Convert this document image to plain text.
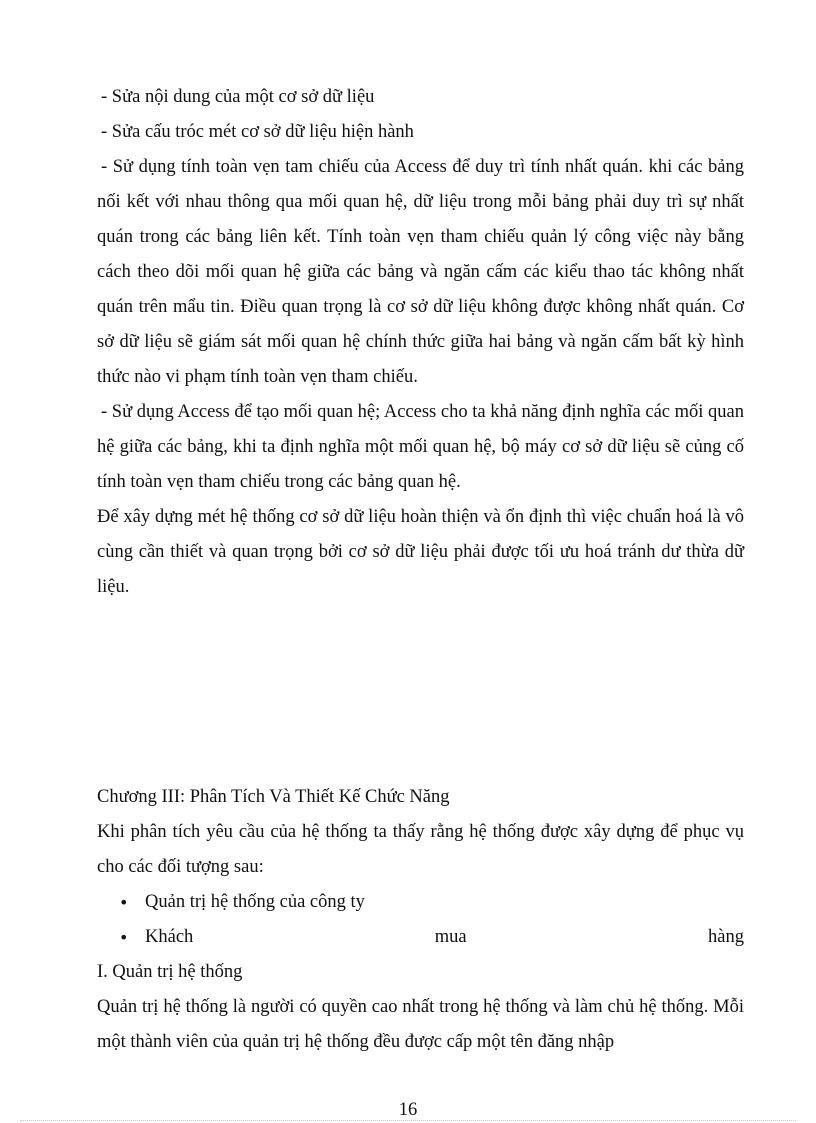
- Sửa nội dung của một cơ sở dữ liệu

- Sửa cấu tróc mét cơ sở dữ liệu hiện hành

- Sử dụng tính toàn vẹn tam chiếu của Access để duy trì tính nhất quán. khi các bảng nối kết với nhau thông qua mối quan hệ, dữ liệu trong mỗi bảng phải duy trì sự nhất quán trong các bảng liên kết. Tính toàn vẹn tham chiếu quản lý công việc này bằng cách theo dõi mối quan hệ giữa các bảng và ngăn cấm các kiểu thao tác không nhất quán trên mẩu tin. Điều quan trọng là cơ sở dữ liệu không được không nhất quán. Cơ sở dữ liệu sẽ giám sát mối quan hệ chính thức giữa hai bảng và ngăn cấm bất kỳ hình thức nào vi phạm tính toàn vẹn tham chiếu.

- Sử dụng Access để tạo mối quan hệ; Access cho ta khả năng định nghĩa các mối quan hệ giữa các bảng, khi ta định nghĩa một mối quan hệ, bộ máy cơ sở dữ liệu sẽ củng cố tính toàn vẹn tham chiếu trong các bảng quan hệ.

Để xây dựng mét hệ thống cơ sở dữ liệu hoàn thiện và ổn định thì việc chuẩn hoá là vô cùng cần thiết và quan trọng bởi cơ sở dữ liệu phải được tối ưu hoá tránh dư thừa dữ liệu.

Chương III: Phân Tích Và Thiết Kế Chức Năng

Khi phân tích yêu cầu của hệ thống ta thấy rằng hệ thống được xây dựng để phục vụ cho các đối tượng sau:

• Quản trị hệ thống của công ty
• Khách	mua	hàng

I. Quản trị hệ thống

Quản trị hệ thống là người có quyền cao nhất trong hệ thống và làm chủ hệ thống. Mỗi một thành viên của quản trị hệ thống đều được cấp một tên đăng nhập

16
